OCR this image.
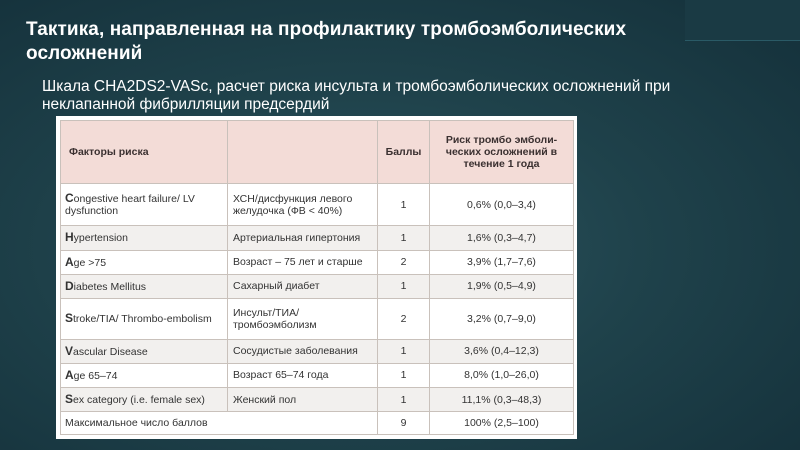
Тактика, направленная на профилактику тромбоэмболических осложнений
Шкала CHA2DS2-VASc, расчет риска инсульта и тромбоэмболических осложнений при неклапанной фибрилляции предсердий
Факторы риска		Баллы	Риск тромбо эмболи-ческих осложнений в течение 1 года
Congestive heart failure/ LV dysfunction	ХСН/дисфункция левого желудочка (ФВ < 40%)	1	0,6% (0,0–3,4)
Hypertension	Артериальная гипертония	1	1,6% (0,3–4,7)
Age >75	Возраст – 75 лет и старше	2	3,9% (1,7–7,6)
Diabetes Mellitus	Сахарный диабет	1	1,9% (0,5–4,9)
Stroke/TIA/ Thrombo-embolism	Инсульт/ТИА/ тромбоэмболизм	2	3,2% (0,7–9,0)
Vascular Disease	Сосудистые заболевания	1	3,6% (0,4–12,3)
Age 65–74	Возраст 65–74 года	1	8,0% (1,0–26,0)
Sex category (i.e. female sex)	Женский пол	1	11,1% (0,3–48,3)
Максимальное число баллов		9	100% (2,5–100)
